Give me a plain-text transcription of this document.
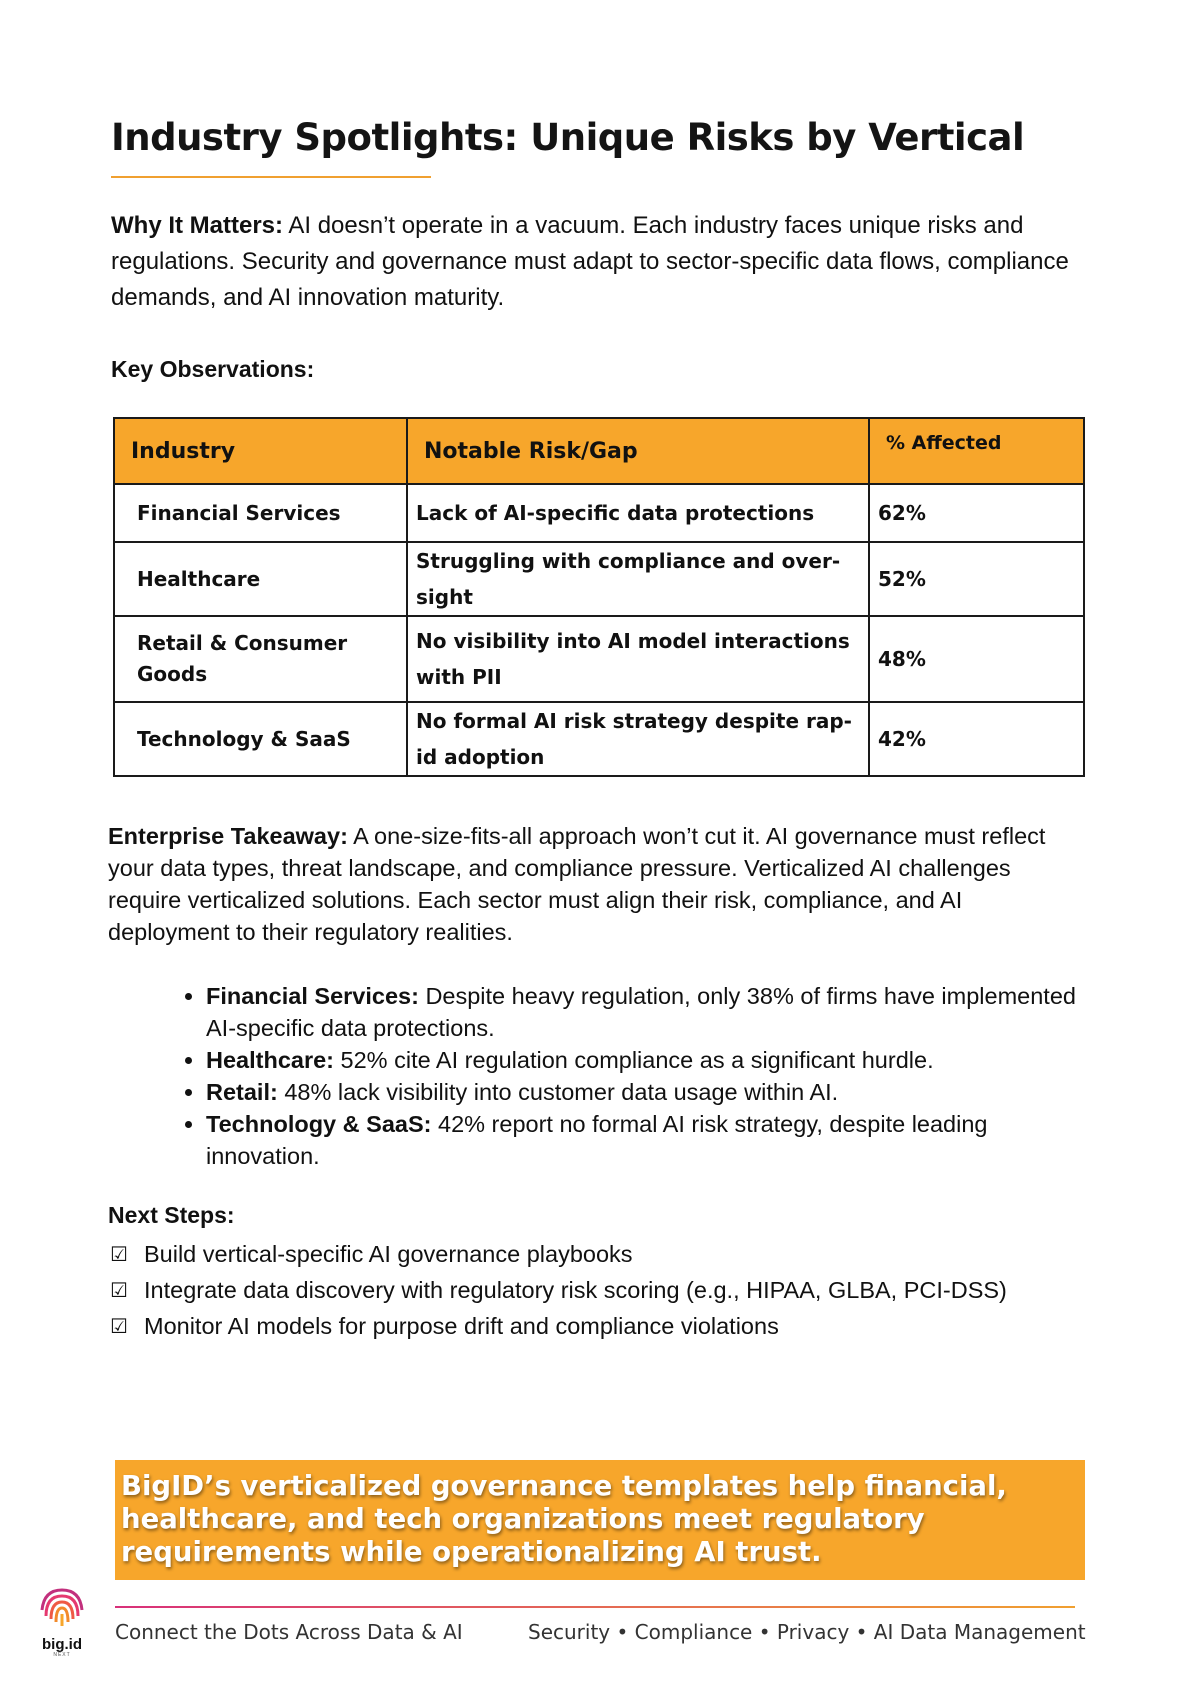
Industry Spotlights: Unique Risks by Vertical

Why It Matters: AI doesn’t operate in a vacuum. Each industry faces unique risks and regulations. Security and governance must adapt to sector-specific data flows, compliance demands, and AI innovation maturity.

Key Observations:

Industry	Notable Risk/Gap	% Affected
Financial Services	Lack of AI-specific data protections	62%
Healthcare	Struggling with compliance and over-sight	52%
Retail & Consumer Goods	No visibility into AI model interactions with PII	48%
Technology & SaaS	No formal AI risk strategy despite rap-id adoption	42%

Enterprise Takeaway: A one-size-fits-all approach won’t cut it. AI governance must reflect your data types, threat landscape, and compliance pressure. Verticalized AI challenges require verticalized solutions. Each sector must align their risk, compliance, and AI deployment to their regulatory realities.

• Financial Services: Despite heavy regulation, only 38% of firms have implemented AI-specific data protections.
• Healthcare: 52% cite AI regulation compliance as a significant hurdle.
• Retail: 48% lack visibility into customer data usage within AI.
• Technology & SaaS: 42% report no formal AI risk strategy, despite leading innovation.

Next Steps:

☑ Build vertical-specific AI governance playbooks
☑ Integrate data discovery with regulatory risk scoring (e.g., HIPAA, GLBA, PCI-DSS)
☑ Monitor AI models for purpose drift and compliance violations

BigID’s verticalized governance templates help financial, healthcare, and tech organizations meet regulatory requirements while operationalizing AI trust.

big.id
NEXT
Connect the Dots Across Data & AI	Security • Compliance • Privacy • AI Data Management
